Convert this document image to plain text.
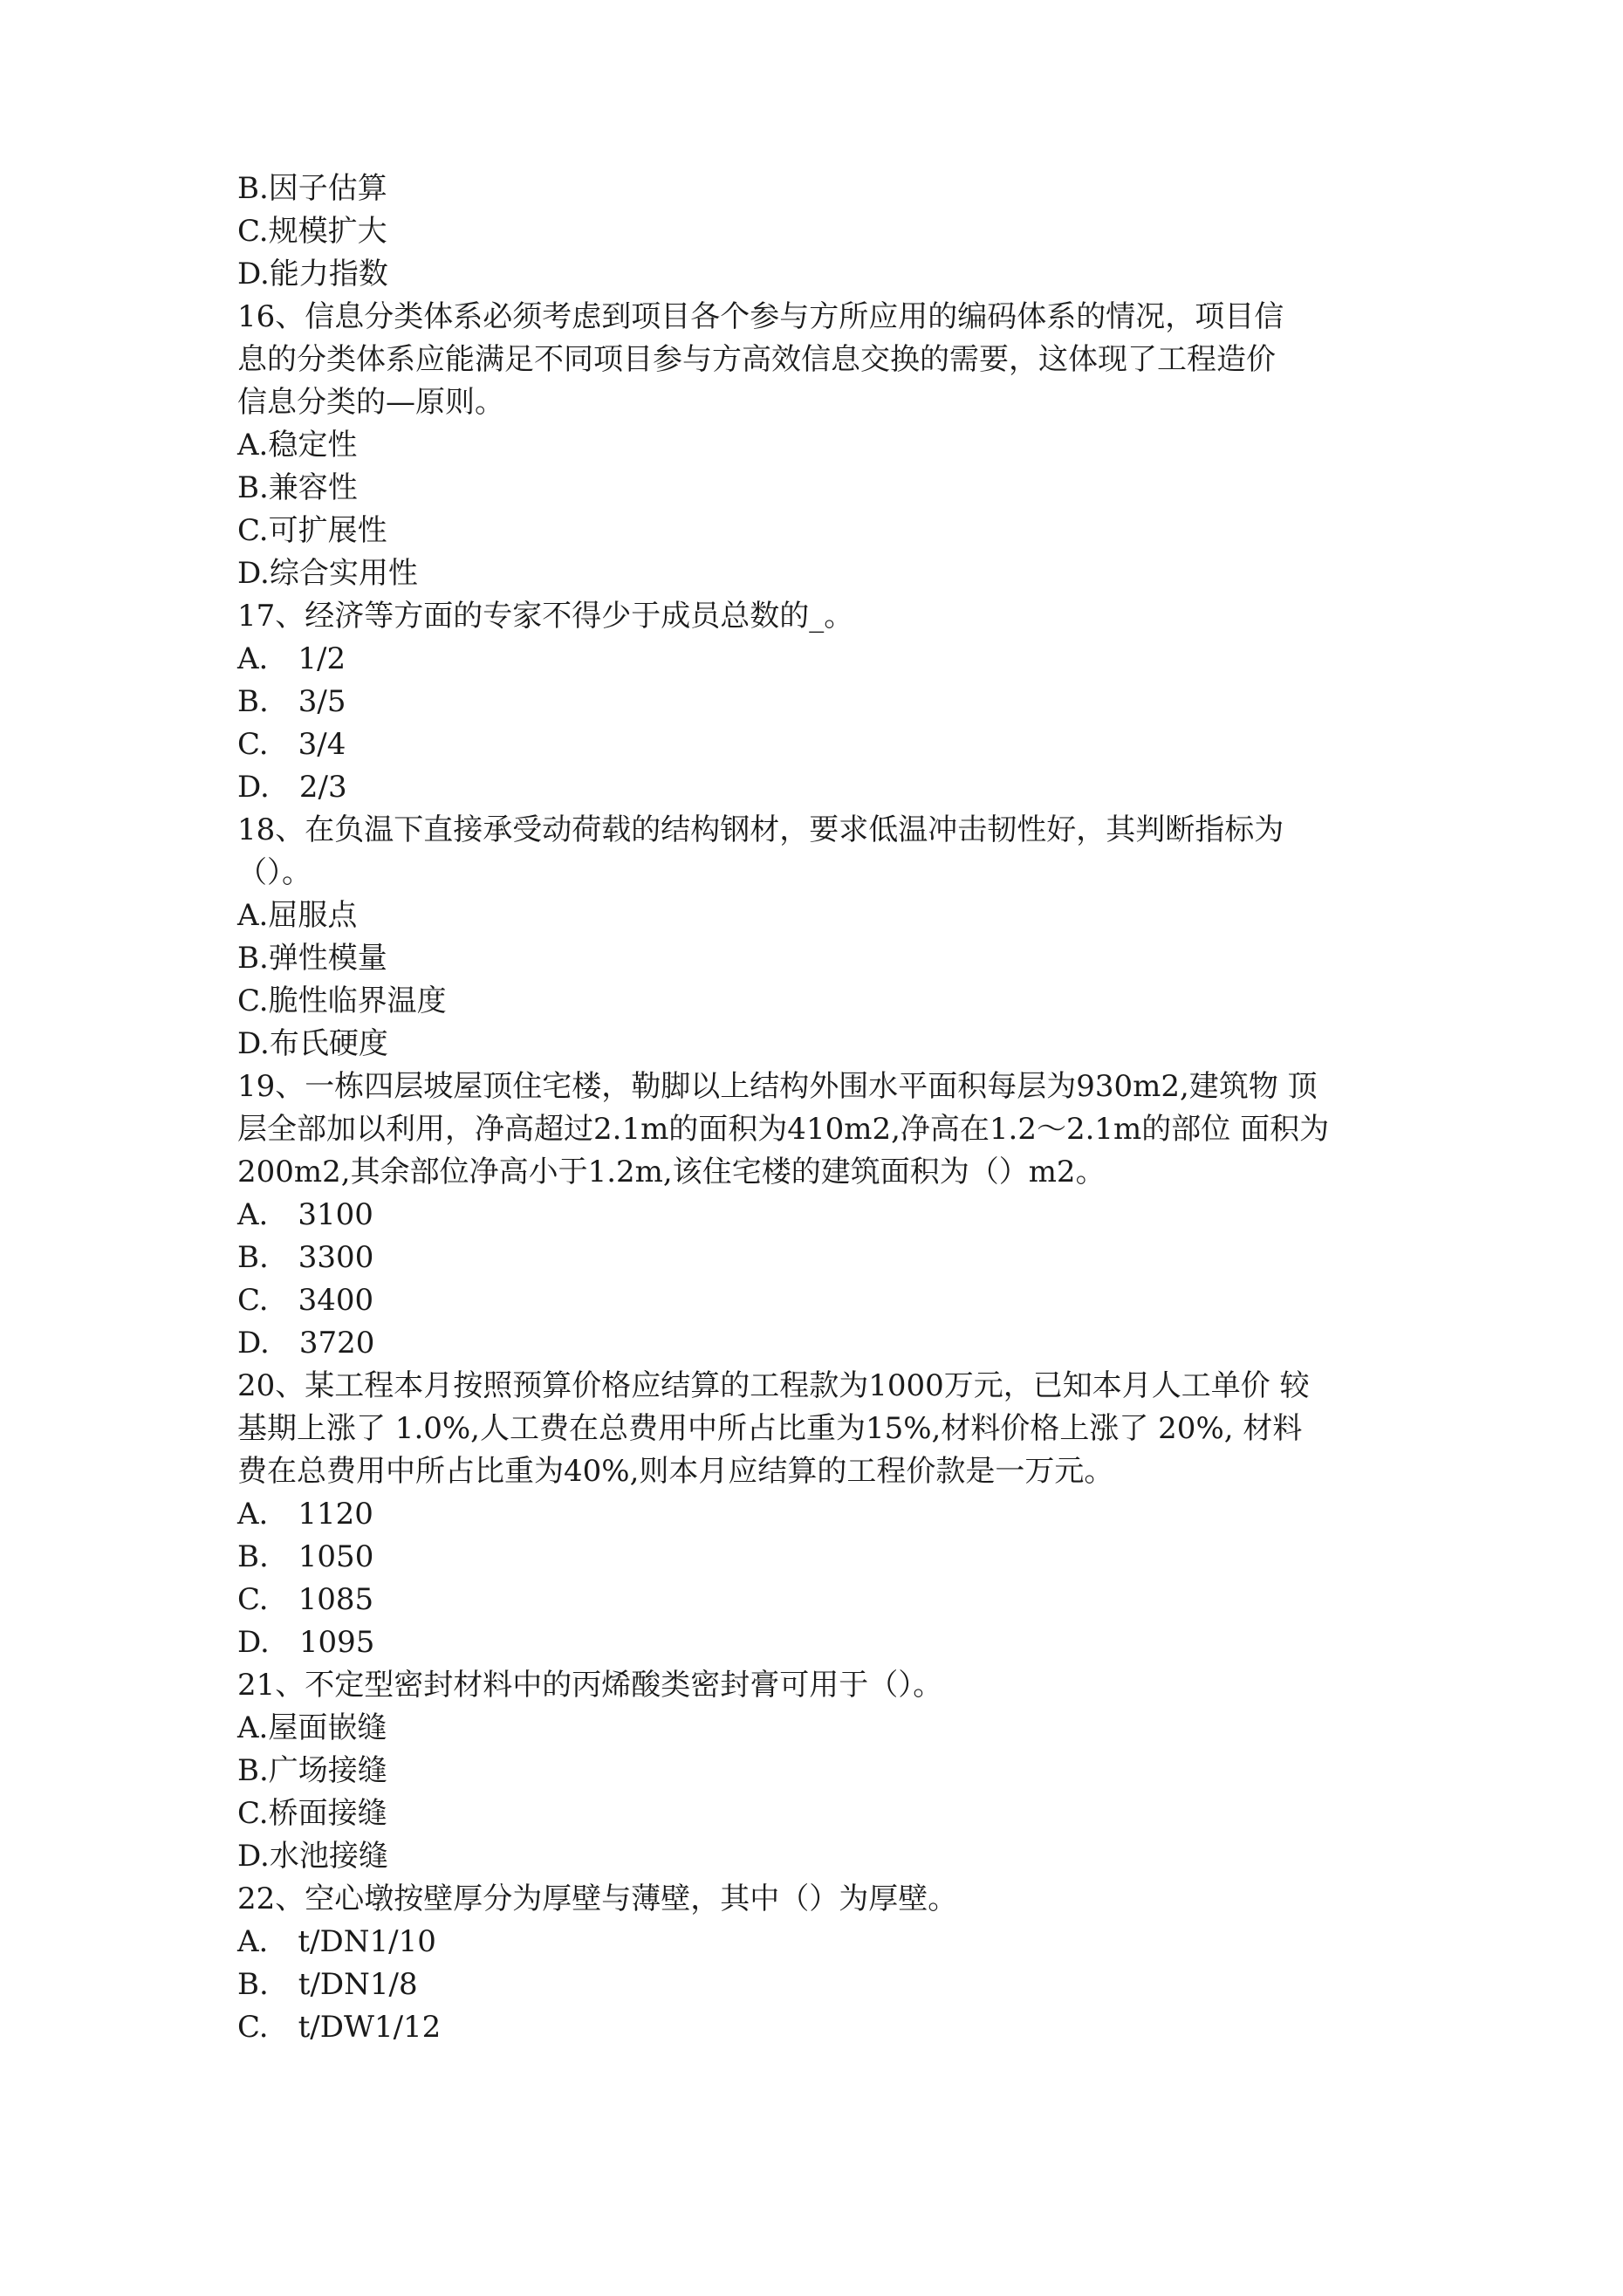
B.因子估算
C.规模扩大
D.能力指数
16、信息分类体系必须考虑到项目各个参与方所应用的编码体系的情况，项目信
息的分类体系应能满足不同项目参与方高效信息交换的需要，这体现了工程造价
信息分类的—原则。
A.稳定性
B.兼容性
C.可扩展性
D.综合实用性
17、经济等方面的专家不得少于成员总数的_。
A. 1/2
B. 3/5
C. 3/4
D. 2/3
18、在负温下直接承受动荷载的结构钢材，要求低温冲击韧性好，其判断指标为
（）。
A.屈服点
B.弹性模量
C.脆性临界温度
D.布氏硬度
19、一栋四层坡屋顶住宅楼，勒脚以上结构外围水平面积每层为930m2,建筑物 顶
层全部加以利用，净高超过2.1m的面积为410m2,净高在1.2〜2.1m的部位 面积为
200m2,其余部位净高小于1.2m,该住宅楼的建筑面积为（）m2。
A. 3100
B. 3300
C. 3400
D. 3720
20、某工程本月按照预算价格应结算的工程款为1000万元，已知本月人工单价 较
基期上涨了 1.0%,人工费在总费用中所占比重为15%,材料价格上涨了 20%, 材料
费在总费用中所占比重为40%,则本月应结算的工程价款是一万元。
A. 1120
B. 1050
C. 1085
D. 1095
21、不定型密封材料中的丙烯酸类密封膏可用于（）。
A.屋面嵌缝
B.广场接缝
C.桥面接缝
D.水池接缝
22、空心墩按壁厚分为厚壁与薄壁，其中（）为厚壁。
A. t/DN1/10
B. t/DN1/8
C. t/DW1/12
